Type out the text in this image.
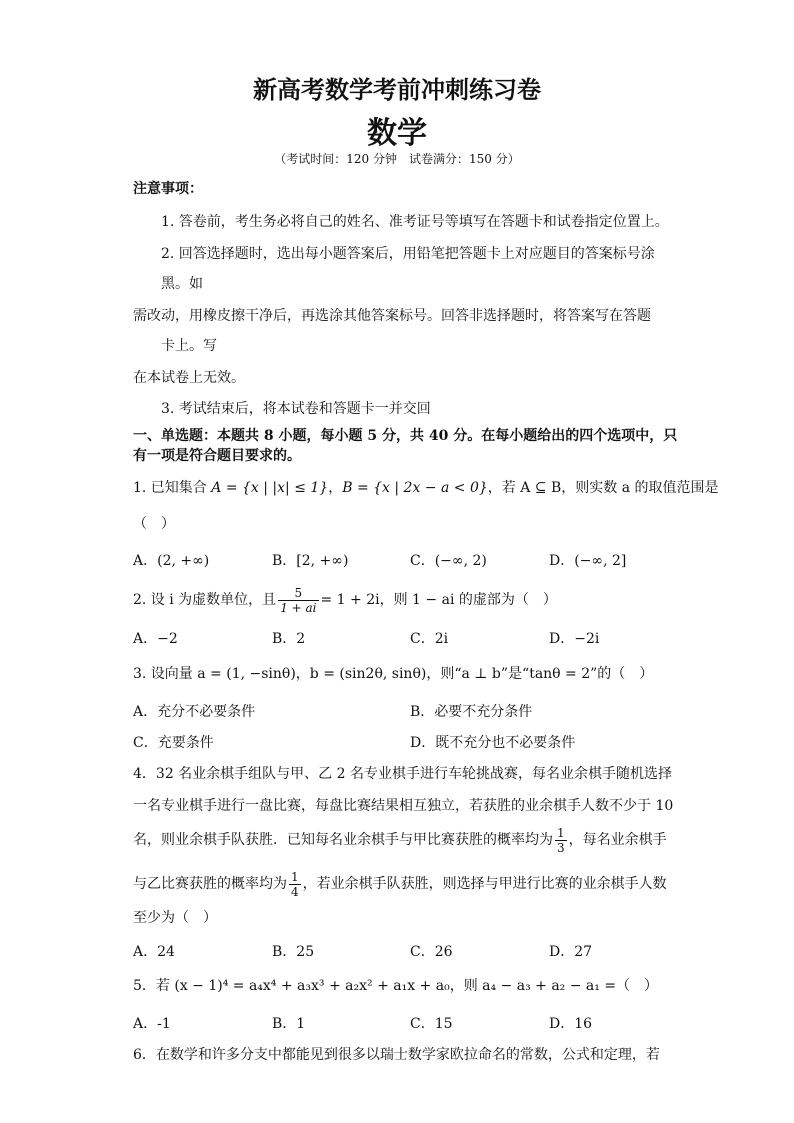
新高考数学考前冲刺练习卷
数学
（考试时间：120 分钟　试卷满分：150 分）
注意事项：
1. 答卷前，考生务必将自己的姓名、准考证号等填写在答题卡和试卷指定位置上。
2. 回答选择题时，选出每小题答案后，用铅笔把答题卡上对应题目的答案标号涂
黑。如
需改动，用橡皮擦干净后，再选涂其他答案标号。回答非选择题时，将答案写在答题
卡上。写
在本试卷上无效。
3. 考试结束后，将本试卷和答题卡一并交回
一、单选题：本题共 8 小题，每小题 5 分，共 40 分。在每小题给出的四个选项中，只
有一项是符合题目要求的。
1. 已知集合 A = {x | |x| ≤ 1}，B = {x | 2x − a < 0}，若 A ⊆ B，则实数 a 的取值范围是
（　）
A．(2, +∞)	B．[2, +∞)	C．(−∞, 2)	D．(−∞, 2]
2. 设 i 为虚数单位，且 $\frac{5}{1 + ai} = 1 + 2i$，则 1 − ai 的虚部为（　）
A．−2	B．2	C．2i	D．−2i
3. 设向量 a = (1, −sinθ)，b = (sin2θ, sinθ)，则“a ⊥ b”是“tanθ = 2”的（　）
A．充分不必要条件	B．必要不充分条件
C．充要条件	D．既不充分也不必要条件
4．32 名业余棋手组队与甲、乙 2 名专业棋手进行车轮挑战赛，每名业余棋手随机选择
一名专业棋手进行一盘比赛，每盘比赛结果相互独立，若获胜的业余棋手人数不少于 10
名，则业余棋手队获胜．已知每名业余棋手与甲比赛获胜的概率均为 $\frac{1}{3}$ ，每名业余棋手
与乙比赛获胜的概率均为 $\frac{1}{4}$ ，若业余棋手队获胜，则选择与甲进行比赛的业余棋手人数
至少为（　）
A．24	B．25	C．26	D．27
5．若 (x − 1)⁴ = a₄x⁴ + a₃x³ + a₂x² + a₁x + a₀，则 a₄ − a₃ + a₂ − a₁ =（　）
A．-1	B．1	C．15	D．16
6．在数学和许多分支中都能见到很多以瑞士数学家欧拉命名的常数，公式和定理，若
